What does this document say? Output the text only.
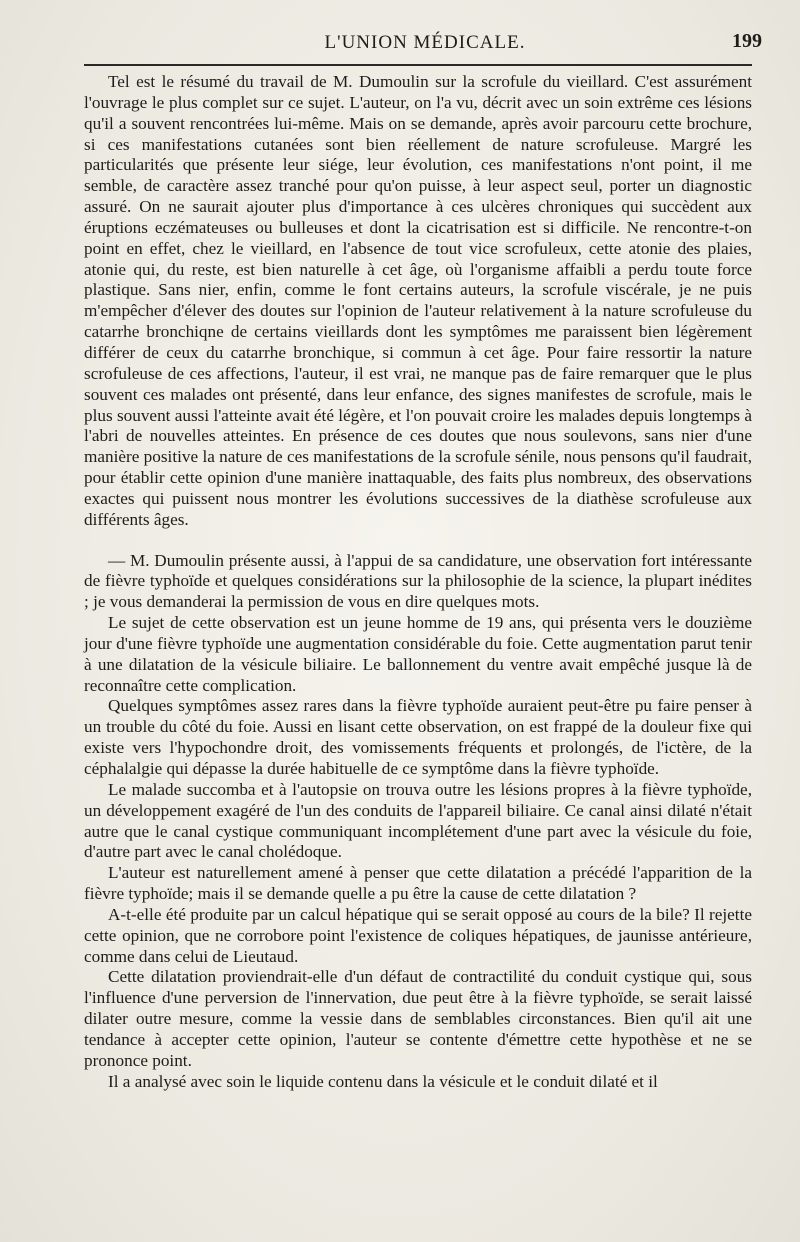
L'UNION MÉDICALE.	199

Tel est le résumé du travail de M. Dumoulin sur la scrofule du vieillard. C'est assurément l'ouvrage le plus complet sur ce sujet. L'auteur, on l'a vu, décrit avec un soin extrême ces lésions qu'il a souvent rencontrées lui-même. Mais on se demande, après avoir parcouru cette brochure, si ces manifestations cutanées sont bien réellement de nature scrofuleuse. Margré les particularités que présente leur siége, leur évolution, ces manifestations n'ont point, il me semble, de caractère assez tranché pour qu'on puisse, à leur aspect seul, porter un diagnostic assuré. On ne saurait ajouter plus d'importance à ces ulcères chroniques qui succèdent aux éruptions eczémateuses ou bulleuses et dont la cicatrisation est si difficile. Ne rencontre-t-on point en effet, chez le vieillard, en l'absence de tout vice scrofuleux, cette atonie des plaies, atonie qui, du reste, est bien naturelle à cet âge, où l'organisme affaibli a perdu toute force plastique. Sans nier, enfin, comme le font certains auteurs, la scrofule viscérale, je ne puis m'empêcher d'élever des doutes sur l'opinion de l'auteur relativement à la nature scrofuleuse du catarrhe bronchiqne de certains vieillards dont les symptômes me paraissent bien légèrement différer de ceux du catarrhe bronchique, si commun à cet âge. Pour faire ressortir la nature scrofuleuse de ces affections, l'auteur, il est vrai, ne manque pas de faire remarquer que le plus souvent ces malades ont présenté, dans leur enfance, des signes manifestes de scrofule, mais le plus souvent aussi l'atteinte avait été légère, et l'on pouvait croire les malades depuis longtemps à l'abri de nouvelles atteintes. En présence de ces doutes que nous soulevons, sans nier d'une manière positive la nature de ces manifestations de la scrofule sénile, nous pensons qu'il faudrait, pour établir cette opinion d'une manière inattaquable, des faits plus nombreux, des observations exactes qui puissent nous montrer les évolutions successives de la diathèse scrofuleuse aux différents âges.

— M. Dumoulin présente aussi, à l'appui de sa candidature, une observation fort intéressante de fièvre typhoïde et quelques considérations sur la philosophie de la science, la plupart inédites ; je vous demanderai la permission de vous en dire quelques mots.

Le sujet de cette observation est un jeune homme de 19 ans, qui présenta vers le douzième jour d'une fièvre typhoïde une augmentation considérable du foie. Cette augmentation parut tenir à une dilatation de la vésicule biliaire. Le ballonnement du ventre avait empêché jusque là de reconnaître cette complication.

Quelques symptômes assez rares dans la fièvre typhoïde auraient peut-être pu faire penser à un trouble du côté du foie. Aussi en lisant cette observation, on est frappé de la douleur fixe qui existe vers l'hypochondre droit, des vomissements fréquents et prolongés, de l'ictère, de la céphalalgie qui dépasse la durée habituelle de ce symptôme dans la fièvre typhoïde.

Le malade succomba et à l'autopsie on trouva outre les lésions propres à la fièvre typhoïde, un développement exagéré de l'un des conduits de l'appareil biliaire. Ce canal ainsi dilaté n'était autre que le canal cystique communiquant incomplétement d'une part avec la vésicule du foie, d'autre part avec le canal cholédoque.

L'auteur est naturellement amené à penser que cette dilatation a précédé l'apparition de la fièvre typhoïde; mais il se demande quelle a pu être la cause de cette dilatation ?

A-t-elle été produite par un calcul hépatique qui se serait opposé au cours de la bile? Il rejette cette opinion, que ne corrobore point l'existence de coliques hépatiques, de jaunisse antérieure, comme dans celui de Lieutaud.

Cette dilatation proviendrait-elle d'un défaut de contractilité du conduit cystique qui, sous l'influence d'une perversion de l'innervation, due peut être à la fièvre typhoïde, se serait laissé dilater outre mesure, comme la vessie dans de semblables circonstances. Bien qu'il ait une tendance à accepter cette opinion, l'auteur se contente d'émettre cette hypothèse et ne se prononce point.

Il a analysé avec soin le liquide contenu dans la vésicule et le conduit dilaté et il
